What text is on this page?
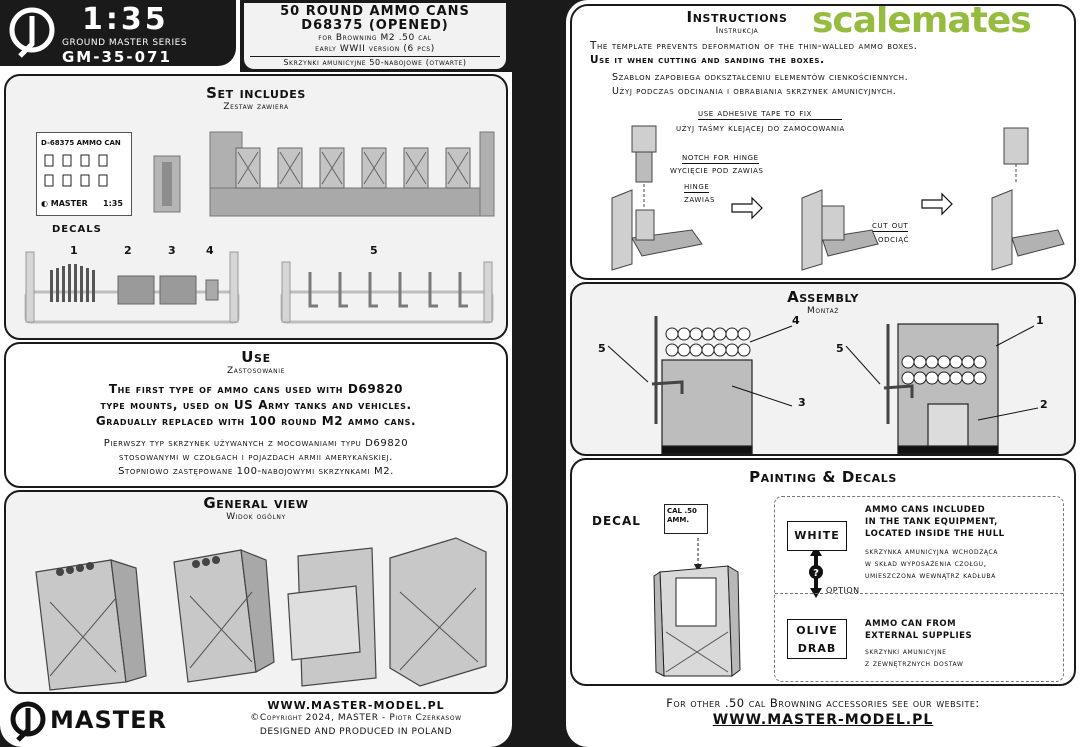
1:35
GROUND MASTER SERIES
GM-35-071
50 ROUND AMMO CANS
D68375 (OPENED)
for Browning M2 .50 cal
early WWII version (6 pcs)
Skrzynki amunicyjne 50-nabojowe (otwarte)
Set includes
Zestaw zawiera
D-68375 AMMO CAN
◐ MASTER 1:35
DECALS
1	2	3	4	5
Use
Zastosowanie
The first type of ammo cans used with D69820
type mounts, used on US Army tanks and vehicles.
Gradually replaced with 100 round M2 ammo cans.
Pierwszy typ skrzynek używanych z mocowaniami typu D69820
stosowanymi w czołgach i pojazdach armii amerykańskiej.
Stopniowo zastępowane 100-nabojowymi skrzynkami M2.
General view
Widok ogólny
MASTER
WWW.MASTER-MODEL.PL
©Copyright 2024, MASTER - Piotr Czerkasow
DESIGNED AND PRODUCED IN POLAND
Instructions
Instrukcja	scalemates
The template prevents deformation of the thin-walled ammo boxes.
Use it when cutting and sanding the boxes.
Szablon zapobiega odkształceniu elementów cienkościennych.
Użyj podczas odcinania i obrabiania skrzynek amunicyjnych.
use adhesive tape to fix
użyj taśmy klejącej do zamocowania
notch for hinge
wycięcie pod zawias
hinge
zawias
cut out
odciąć
Assembly
Montaż
5
4
3
5
1
2
Painting & Decals
DECAL
CAL .50 AMM.
?
OPTION
WHITE
AMMO CANS INCLUDED
IN THE TANK EQUIPMENT,
LOCATED INSIDE THE HULL
skrzynka amunicyjna wchodząca
w skład wyposażenia czołgu,
umieszczona wewnątrz kadłuba
OLIVE
DRAB
AMMO CAN FROM
EXTERNAL SUPPLIES
skrzynki amunicyjne
z zewnętrznych dostaw
For other .50 cal Browning accessories see our website:
WWW.MASTER-MODEL.PL
